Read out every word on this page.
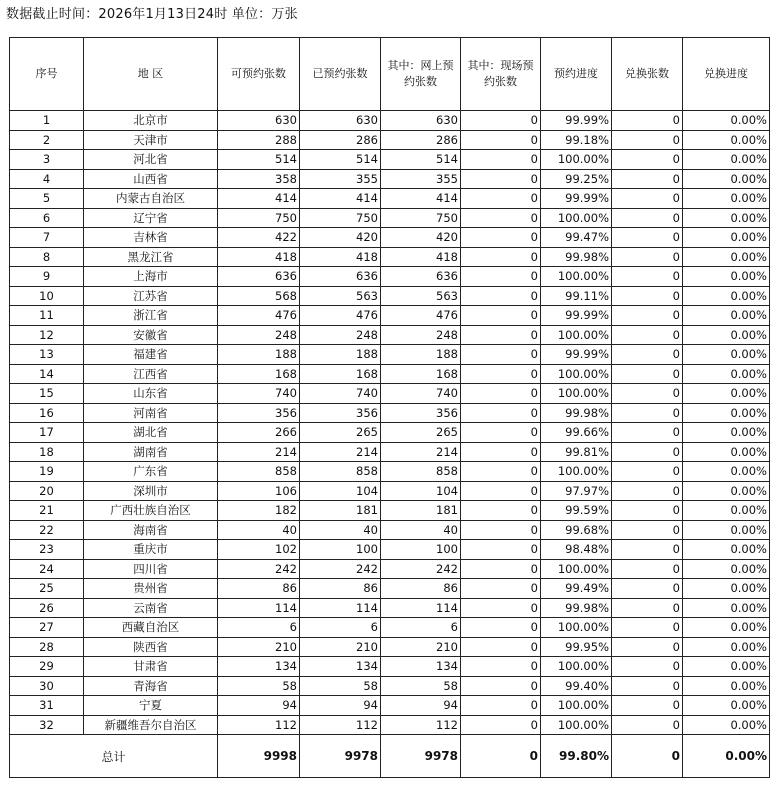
数据截止时间：2026年1月13日24时 单位：万张
序号	地 区	可预约张数	已预约张数	其中：网上预约张数	其中：现场预约张数	预约进度	兑换张数	兑换进度
1	北京市	630	630	630	0	99.99%	0	0.00%
2	天津市	288	286	286	0	99.18%	0	0.00%
3	河北省	514	514	514	0	100.00%	0	0.00%
4	山西省	358	355	355	0	99.25%	0	0.00%
5	内蒙古自治区	414	414	414	0	99.99%	0	0.00%
6	辽宁省	750	750	750	0	100.00%	0	0.00%
7	吉林省	422	420	420	0	99.47%	0	0.00%
8	黑龙江省	418	418	418	0	99.98%	0	0.00%
9	上海市	636	636	636	0	100.00%	0	0.00%
10	江苏省	568	563	563	0	99.11%	0	0.00%
11	浙江省	476	476	476	0	99.99%	0	0.00%
12	安徽省	248	248	248	0	100.00%	0	0.00%
13	福建省	188	188	188	0	99.99%	0	0.00%
14	江西省	168	168	168	0	100.00%	0	0.00%
15	山东省	740	740	740	0	100.00%	0	0.00%
16	河南省	356	356	356	0	99.98%	0	0.00%
17	湖北省	266	265	265	0	99.66%	0	0.00%
18	湖南省	214	214	214	0	99.81%	0	0.00%
19	广东省	858	858	858	0	100.00%	0	0.00%
20	深圳市	106	104	104	0	97.97%	0	0.00%
21	广西壮族自治区	182	181	181	0	99.59%	0	0.00%
22	海南省	40	40	40	0	99.68%	0	0.00%
23	重庆市	102	100	100	0	98.48%	0	0.00%
24	四川省	242	242	242	0	100.00%	0	0.00%
25	贵州省	86	86	86	0	99.49%	0	0.00%
26	云南省	114	114	114	0	99.98%	0	0.00%
27	西藏自治区	6	6	6	0	100.00%	0	0.00%
28	陕西省	210	210	210	0	99.95%	0	0.00%
29	甘肃省	134	134	134	0	100.00%	0	0.00%
30	青海省	58	58	58	0	99.40%	0	0.00%
31	宁夏	94	94	94	0	100.00%	0	0.00%
32	新疆维吾尔自治区	112	112	112	0	100.00%	0	0.00%
总计		9998	9978	9978	0	99.80%	0	0.00%
